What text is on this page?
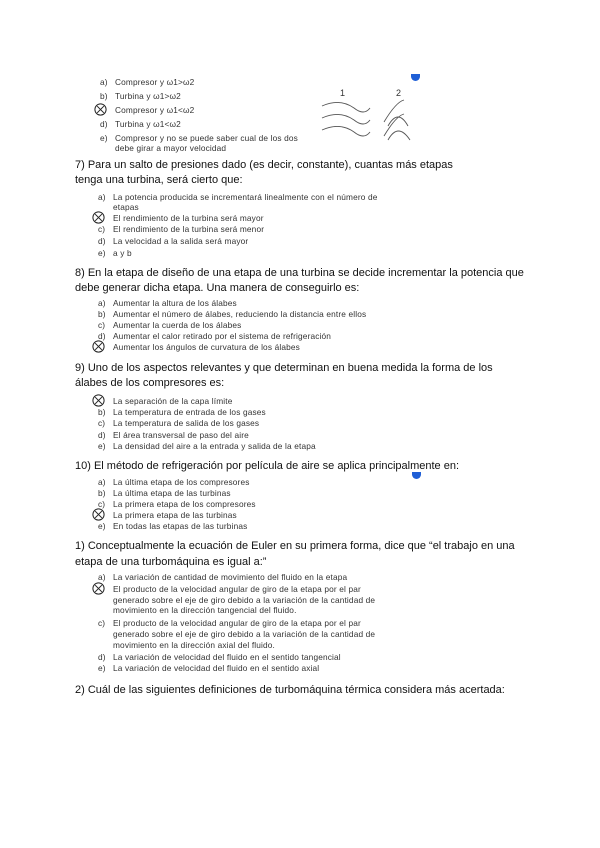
a) Compresor y ω1>ω2
b) Turbina y ω1>ω2
Compresor y ω1<ω2
d) Turbina y ω1<ω2
e) Compresor y no se puede saber cual de los dos
debe girar a mayor velocidad
1	2
7) Para un salto de presiones dado (es decir, constante), cuantas más etapas
tenga una turbina, será cierto que:
a) La potencia producida se incrementará linealmente con el número de
etapas
El rendimiento de la turbina será mayor
c) El rendimiento de la turbina será menor
d) La velocidad a la salida será mayor
e) a y b
8) En la etapa de diseño de una etapa de una turbina se decide incrementar la potencia que
debe generar dicha etapa. Una manera de conseguirlo es:
a) Aumentar la altura de los álabes
b) Aumentar el número de álabes, reduciendo la distancia entre ellos
c) Aumentar la cuerda de los álabes
d) Aumentar el calor retirado por el sistema de refrigeración
Aumentar los ángulos de curvatura de los álabes
9) Uno de los aspectos relevantes y que determinan en buena medida la forma de los
álabes de los compresores es:
La separación de la capa límite
b) La temperatura de entrada de los gases
c) La temperatura de salida de los gases
d) El área transversal de paso del aire
e) La densidad del aire a la entrada y salida de la etapa
10) El método de refrigeración por película de aire se aplica principalmente en:
a) La última etapa de los compresores
b) La última etapa de las turbinas
c) La primera etapa de los compresores
La primera etapa de las turbinas
e) En todas las etapas de las turbinas
1) Conceptualmente la ecuación de Euler en su primera forma, dice que “el trabajo en una
etapa de una turbomáquina es igual a:”
a) La variación de cantidad de movimiento del fluido en la etapa
El producto de la velocidad angular de giro de la etapa por el par
generado sobre el eje de giro debido a la variación de la cantidad de
movimiento en la dirección tangencial del fluido.
c) El producto de la velocidad angular de giro de la etapa por el par
generado sobre el eje de giro debido a la variación de la cantidad de
movimiento en la dirección axial del fluido.
d) La variación de velocidad del fluido en el sentido tangencial
e) La variación de velocidad del fluido en el sentido axial
2) Cuál de las siguientes definiciones de turbomáquina térmica considera más acertada:
